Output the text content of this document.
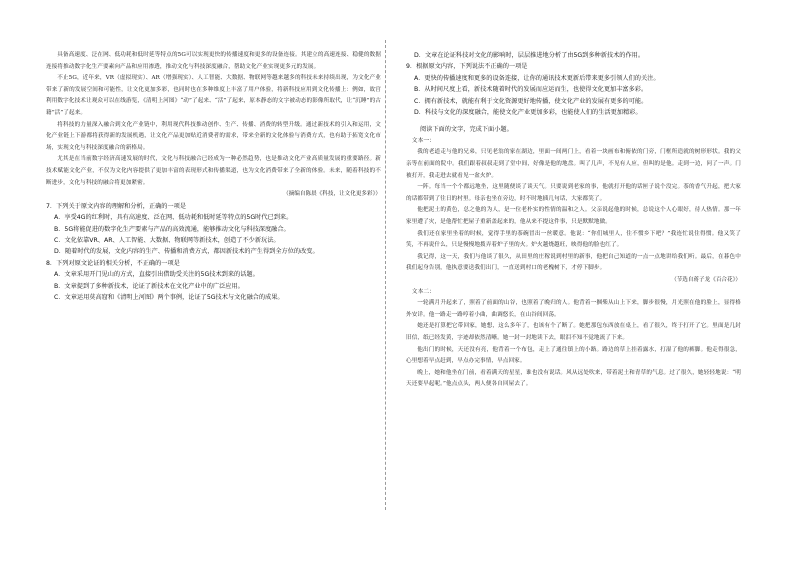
具备高速度、泛在网、低功耗和低时延等特点的5G可以实现更快的传播速度和更多的设备连接。其建立的高速连接、稳健的数据连接将推动数字化生产要素向产品和应用渗透，推动文化与科技深度融合，帮助文化产业实现更多元的发展。

不止5G，近年来，VR（虚拟现实）、AR（增强现实）、人工智能、大数据、物联网等越来越多的科技未来持续出现，为文化产业带来了新的发展空间和可能性，让文化更加多彩，也同时也在多种维度上丰富了用户体验，将新科技应用到文化传播上：例如，故宫利用数字化技术让观众可以在线游览，《清明上河图》“动”了起来、“活”了起来，原本静态的文字被动态的影像所取代，让“沉睡”的古籍”活”了起来。

将科技的力量深入融合到文化产业链中，利用现代科技推动创作、生产、传播、消费的转型升级。通过新技术的引入和运用，文化产业链上下游都将获得新的发展机遇，让文化产品更加贴近消费者的需求，带来全新的文化体验与消费方式，也有助于拓宽文化市场，实现文化与科技深度融合的新格局。

尤其是在当前数字经济高速发展的时代，文化与科技融合已经成为一种必然趋势，也是推动文化产业高质量发展的重要路径。新技术赋能文化产业，不仅为文化内容提供了更加丰富的表现形式和传播渠道，也为文化消费带来了全新的体验。未来，随着科技的不断进步，文化与科技的融合将更加紧密。

（摘编自陈晨《科技，让文化更多彩》）

7．下列关于原文内容的理解和分析，正确的一项是

A．享受4G的红利时，具有高速度、泛在网、低功耗和低时延等特点的5G时代已到来。

B．5G将能促进的数字化生产要素与产品的高效流通，能够推动文化与科技深度融合。

C．文化依靠VR、AR、人工智能、大数据、物联网等新技术，创造了不少新玩法。

D．随着时代的发展，文化内容的生产、传播和消费方式，都因新技术的产生得到全方位的改变。

8．下列对原文论证的相关分析，不正确的一项是

A．文章采用开门见山的方式，直接引出借助受关注的5G技术到来的话题。

B．文章提到了多种新技术，论证了新技术在文化产业中的广泛应用。

C．文章运用莫高窟和《清明上河图》两个事例，论证了5G技术与文化融合的成果。

D．文章在论证科技对文化的影响时，层层推进地分析了由5G到多种新技术的作用。

9．根据原文内容，下列说法不正确的一项是

A．更快的传播速度和更多的设备连接，让你的通讯技术更新后带来更多引领人们的关注。

B．从时间尺度上看，新技术随着时代的发展而应运而生，也使得文化更加丰富多彩。

C．拥有新技术，就能有利于文化资源更好地传播，使文化产业的发展有更多的可能。

D．科技与文化的深度融合，能使文化产业更加多彩，也能使人们的生活更加精彩。

阅读下面的文字，完成下面小题。

文本一：

我的老道走与他的兄弟，只见老翁的家在湖边，里面一间两门上，看着一块画布和俯依的门旁，门框所造就的树形形状。我的父亲等在前面的院中。我们跟着叔叔走到了堂中间，好像是他的地盘。叫了几声，不见有人应，但叫的是他。走到一边，问了一声。门被打开，我走进去就看见一盆火炉。

一阵。每当一个个都远地坐，这里随便谈了谈天气。只要说到老家的事，他就打开他的话匣子说个没完。茶的香气升起，把大家的话都带到了往日的村里。母亲也坐在旁边，时不时地插几句话，大家都笑了。

他把泥土的黄色，总之他的为人，是一位老朴实的性情的温和之人。父亲说起他的时候，总说这个人心眼好，待人热情。那一年家里遭了灾，是他帮忙把屋子重新盖起来的，他从来不提这件事，只是默默地做。

我们还在家里坐着的时候，觉得手里的茶碗冒出一丝暖意。他说：“你们城里人，住不惯乡下吧？”我连忙说住得惯。他又笑了笑，不再说什么，只是慢慢地拨弄着炉子里的火。炉火越烧越旺，映得他的脸也红了。

我记得，这一天，我们与他谈了很久，从田里的庄稼说到村里的新事，他把自己知道的一点一点地讲给我们听。最后，在暮色中我们起身告别，他执意要送我们出门，一直送到村口的老槐树下，才停下脚步。

（节选自蒋子龙《百合花》）

文本二：

一轮满月升起来了，照着了前面的山谷，也照着了晚归的人。他背着一捆柴从山上下来，脚步很慢，月光照在他的脸上，显得格外安详。他一路走一路哼着小曲，曲调悠长，在山谷间回荡。

她还是打算把它带回家，她想，这么多年了，也该有个了断了。她把那包东西放在桌上，看了很久，终于打开了它。里面是几封旧信，纸已经发黄，字迹却依然清晰。她一封一封地读下去，眼泪不知不觉地流了下来。

他出门的时候，天还没有亮，他背着一个布包，走上了通往镇上的小路。路边的草上挂着露水，打湿了他的裤脚。他走得很急，心里想着早点赶到，早点办完事情，早点回家。

晚上，她和他坐在门前，看着满天的星星，谁也没有说话。风从远处吹来，带着泥土和青草的气息。过了很久，她轻轻地说：“明天还要早起呢。”他点点头，两人便各自回屋去了。
